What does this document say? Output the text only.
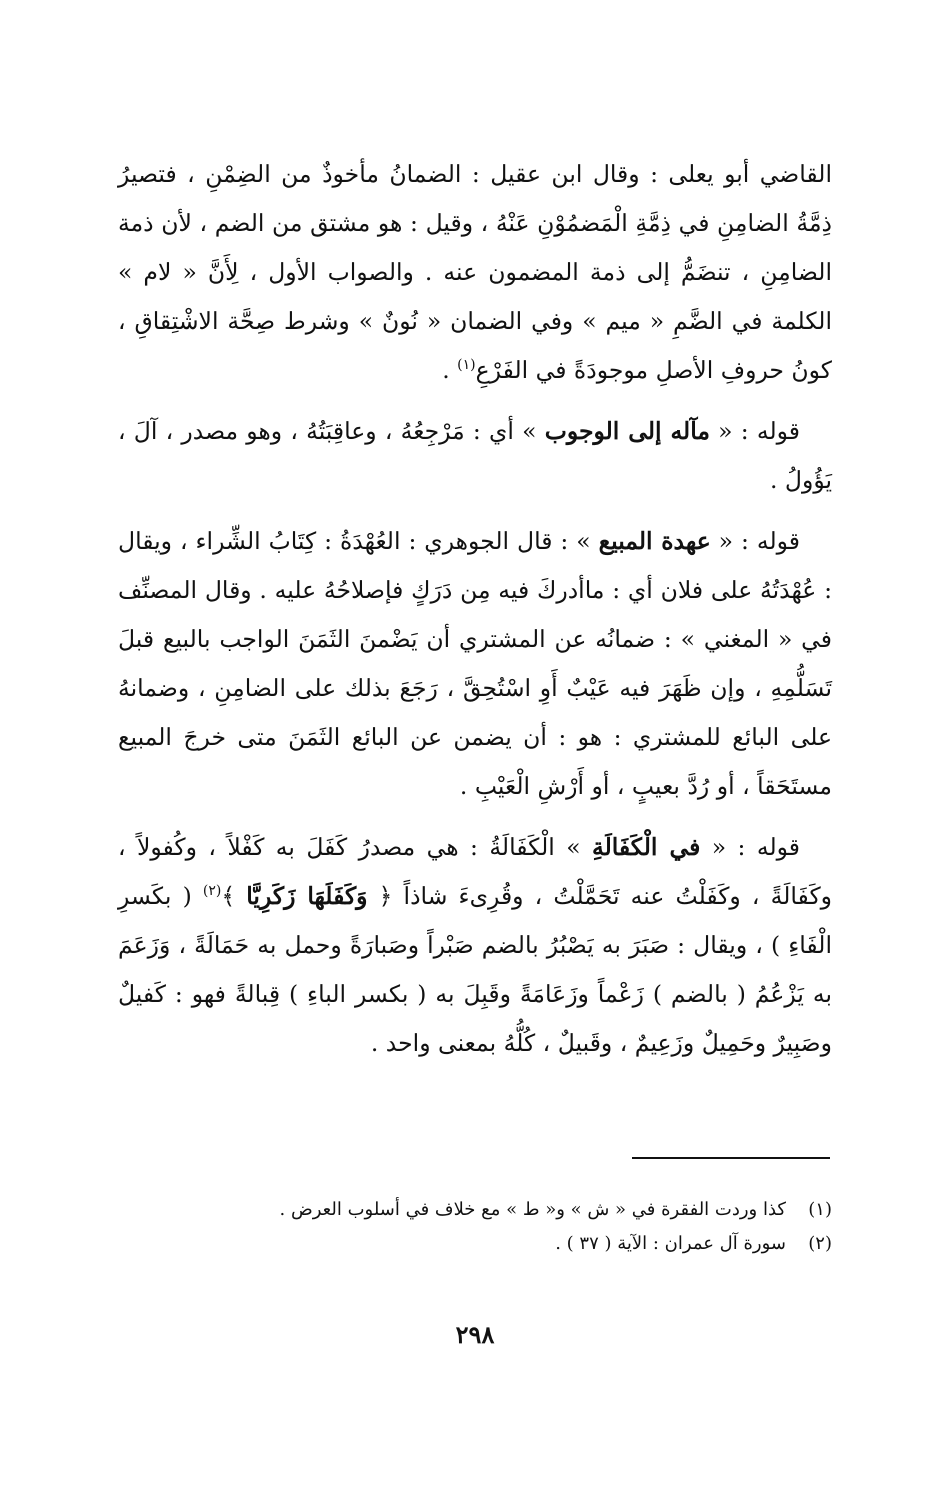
القاضي أبو يعلى : وقال ابن عقيل : الضمانُ مأخوذٌ من الضِمْنِ ، فتصيرُ ذِمَّةُ الضامِنِ في ذِمَّةِ الْمَضمُوْنِ عَنْهُ ، وقيل : هو مشتق من الضم ، لأن ذمة الضامِنِ ، تنضَمُّ إلى ذمة المضمون عنه . والصواب الأول ، لِأَنَّ « لام » الكلمة في الضَّمِ « ميم » وفي الضمان « نُونٌ » وشرط صِحَّة الاشْتِقاقِ ، كونُ حروفِ الأصلِ موجودَةً في الفَرْعِ$^{(١)}$ .

قوله : « مآله إلى الوجوب » أي : مَرْجِعُهُ ، وعاقِبَتُهُ ، وهو مصدر ، آلَ ، يَؤُولُ .

قوله : « عهدة المبيع » : قال الجوهري : العُهْدَةُ : كِتَابُ الشِّراء ، ويقال : عُهْدَتُهُ على فلان أي : ماأدركَ فيه مِن دَرَكٍ فإصلاحُهُ عليه . وقال المصنِّف في « المغني » : ضمانُه عن المشتري أن يَضْمنَ الثَمَنَ الواجب بالبيع قبلَ تَسَلُّمِهِ ، وإن ظَهَرَ فيه عَيْبٌ أَوِ اسْتُحِقَّ ، رَجَعَ بذلك على الضامِنِ ، وضمانهُ على البائع للمشتري : هو : أن يضمن عن البائع الثَمَنَ متى خرجَ المبيع مستَحَقاً ، أو رُدَّ بعيبٍ ، أو أَرْشِ الْعَيْبِ .

قوله : « في الْكَفَالَةِ » الْكَفَالَةُ : هي مصدرُ كَفَلَ به كَفْلاً ، وكُفولاً ، وكَفَالَةً ، وكَفَلْتُ عنه تَحَمَّلْتُ ، وقُرِىءَ شاذاً ﴿ وَكَفَلَهَا زَكَرِيَّا ﴾$^{(٢)}$ ( بكَسرِ الْفَاءِ ) ، ويقال : صَبَرَ به يَصْبُرُ بالضم صَبْراً وصَبارَةً وحمل به حَمَالَةً ، وَزَعَمَ به يَزْعُمُ ( بالضم ) زَعْماً وزَعَامَةً وقَبِلَ به ( بكسر الباءِ ) قِبالةً فهو : كَفيلٌ وصَبِيرٌ وحَمِيلٌ وزَعِيمٌ ، وقَبيلٌ ، كُلُّهُ بمعنى واحد .

(١)كذا وردت الفقرة في « ش » و« ط » مع خلاف في أسلوب العرض .
(٢)سورة آل عمران : الآية ( ٣٧ ) .
٢٩٨
